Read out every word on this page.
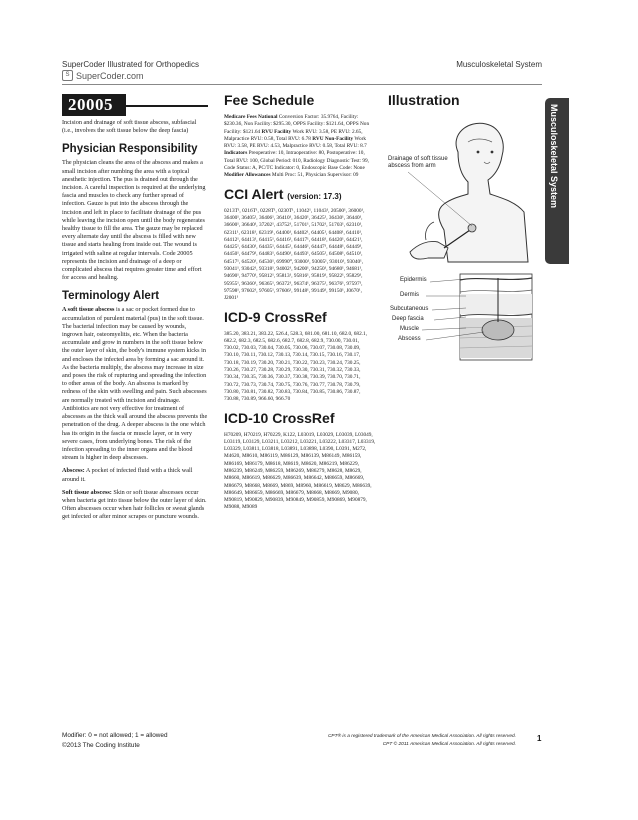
SuperCoder Illustrated for Orthopedics
S SuperCoder.com
Musculoskeletal System
Musculoskeletal System
20005

Incision and drainage of soft tissue abscess, subfascial (i.e., involves the soft tissue below the deep fascia)

Physician Responsibility

The physician cleans the area of the abscess and makes a small incision after numbing the area with a topical anesthetic injection. The pus is drained out through the incision. A careful inspection is required at the underlying fascia and muscles to check any further spread of infection. Gauze is put into the abscess through the incision and left in place to facilitate drainage of the pus while leaving the incision open until the body regenerates healthy tissue to fill the area. The gauze may be replaced every alternate day until the abscess is filled with new tissue and starts healing from inside out. The wound is irrigated with saline at regular intervals. Code 20005 represents the incision and drainage of a deep or complicated abscess that requires greater time and effort for access and healing.

Terminology Alert

A soft tissue abscess is a sac or pocket formed due to accumulation of purulent material (pus) in the soft tissue. The bacterial infection may be caused by wounds, ingrown hair, osteomyelitis, etc. When the bacteria accumulate and grow in numbers in the soft tissue below the outer layer of skin, the body's immune system kicks in and encloses the infected area by forming a sac around it. As the bacteria multiply, the abscess may increase in size and poses the risk of rupturing and spreading the infection to other areas of the body. An abscess is marked by redness of the skin with swelling and pain. Such abscesses are normally treated with incision and drainage. Antibiotics are not very effective for treatment of abscesses as the thick wall around the abscess prevents the penetration of the drug. A deeper abscess is the one which has its origin in the fascia or muscle layer, or in very severe cases, from underlying bones. The risk of the infection spreading to the inner organs and the blood stream is higher in deep abscesses.

Abscess: A pocket of infected fluid with a thick wall around it.

Soft tissue abscess: Skin or soft tissue abscesses occur when bacteria get into tissue below the outer layer of skin. Often abscesses occur when hair follicles or sweat glands get infected or after minor scrapes or puncture wounds.

Fee Schedule
Medicare Fees National Conversion Factor: 35.9764, Facility: $230.36, Non Facility: $295.30, OPPS Facility: $121.64, OPPS Non Facility: $121.64 RVU Facility Work RVU: 3.58, PE RVU: 2.65, Malpractice RVU: 0.58, Total RVU: 6.78 RVU Non-Facility Work RVU: 3.58, PE RVU: 4.53, Malpractice RVU: 0.58, Total RVU: 8.7 Indicators Preoperative: 10, Intraoperative: 80, Postoperative: 10, Total RVU: 100, Global Period: 010, Radiology Diagnostic Test: 99, Code Status: A, PC/TC Indicator: 0, Endoscopic Base Code: None Modifier Allowances Multi Proc: 51, Physician Supervisor: 09
CCI Alert (version: 17.3)

0213T¹, 0216T¹, 0228T¹, 0230T¹, 11042¹, 11043¹, 20500¹, 36000¹, 36400¹, 36405¹, 36406¹, 36410¹, 36420¹, 36425¹, 36430¹, 36440¹, 36600¹, 36640¹, 37202¹, 43752¹, 51701¹, 51702¹, 51703¹, 62310¹, 62311¹, 62318¹, 62319¹, 64400¹, 64402¹, 64405¹, 64408¹, 64410¹, 64412¹, 64413¹, 64415¹, 64416¹, 64417¹, 64418¹, 64420¹, 64421¹, 64425¹, 64430¹, 64435¹, 64445¹, 64446¹, 64447¹, 64448¹, 64449¹, 64450¹, 64479¹, 64483¹, 64490¹, 64493¹, 64505¹, 64508¹, 64510¹, 64517¹, 64520¹, 64530¹, 69990⁰, 93000¹, 93005¹, 93010¹, 93040¹, 93041¹, 93042¹, 93318¹, 94002¹, 94200¹, 94250¹, 94680¹, 94681¹, 94690¹, 94770¹, 95812¹, 95813¹, 95816¹, 95819¹, 95822¹, 95829¹, 95955¹, 96360¹, 96365¹, 96372¹, 96374¹, 96375¹, 96376¹, 97597¹, 97598¹, 97602¹, 97605¹, 97606¹, 99148¹, 99149¹, 99150¹, J0670¹, J2001¹

ICD-9 CrossRef

385.20, 383.21, 383.22, 526.4, 528.3, 681.00, 681.10, 682.0, 682.1, 682.2, 682.3, 682.5, 682.6, 682.7, 682.8, 682.9, 730.00, 730.01, 730.02, 730.03, 730.04, 730.05, 730.06, 730.07, 730.08, 730.09, 730.10, 730.11, 730.12, 730.13, 730.14, 730.15, 730.16, 730.17, 730.18, 730.19, 730.20, 730.21, 730.22, 730.23, 730.24, 730.25, 730.26, 730.27, 730.28, 730.29, 730.30, 730.31, 730.32, 730.33, 730.34, 730.35, 730.36, 730.37, 730.38, 730.39, 730.70, 730.71, 730.72, 730.73, 730.74, 730.75, 730.76, 730.77, 730.78, 730.79, 730.80, 730.81, 730.82, 730.83, 730.84, 730.85, 730.86, 730.87, 730.88, 730.89, 966.60, 966.70

ICD-10 CrossRef

H70209, H70219, H70229, K122, L03019, L03029, L03039, L03049, L03119, L03129, L03211, L03212, L03221, L03222, L03317, L03319, L03329, L03811, L03818, L03891, L03898, L0390, L0391, M272, M4620, M8610, M86119, M86129, M86139, M86149, M86159, M86169, M86179, M8618, M8619, M8620, M86219, M86229, M86239, M86249, M86259, M86269, M86279, M8628, M8629, M8660, M86619, M86629, M86639, M86642, M86659, M86669, M86679, M8668, M8669, M869, M8960, M86619, M8629, M86639, M86649, M86659, M86669, M86679, M8668, M8669, M9080, M90819, M90829, M90839, M90849, M90859, M90869, M90879, M9088, M9089

Illustration
Drainage of soft tissue abscess from arm
Epidermis
Dermis
Subcutaneous
Deep fascia
Muscle
Abscess
Modifier: 0 = not allowed; 1 = allowed
©2013 The Coding Institute
CPT® is a registered trademark of the American Medical Association. All rights reserved.
CPT © 2011 American Medical Association. All rights reserved.
1
